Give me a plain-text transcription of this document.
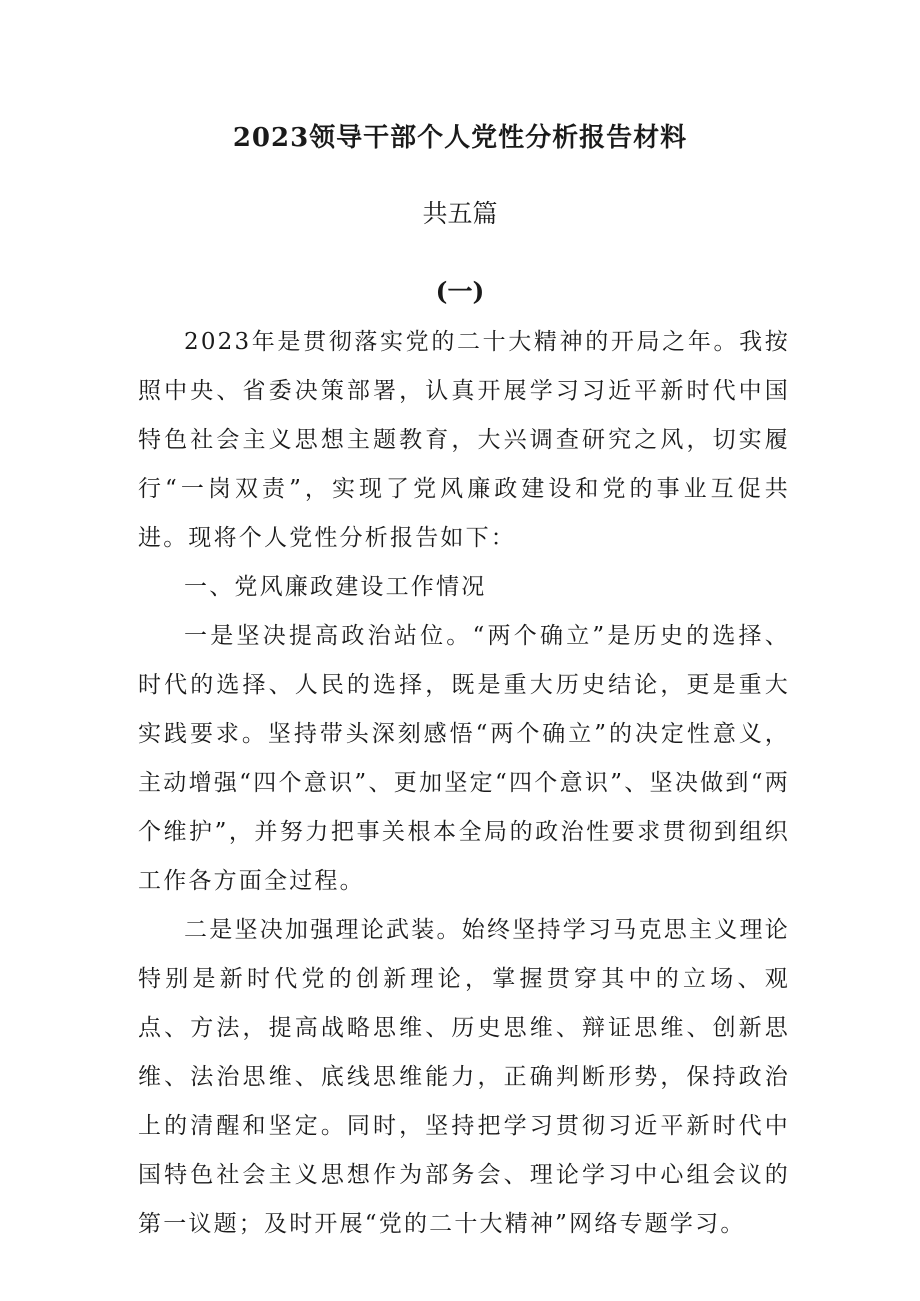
2023领导干部个人党性分析报告材料
共五篇
(一)

2023年是贯彻落实党的二十大精神的开局之年。我按照中央、省委决策部署，认真开展学习习近平新时代中国特色社会主义思想主题教育，大兴调查研究之风，切实履行“一岗双责”，实现了党风廉政建设和党的事业互促共进。现将个人党性分析报告如下：

一、党风廉政建设工作情况

一是坚决提高政治站位。“两个确立”是历史的选择、时代的选择、人民的选择，既是重大历史结论，更是重大实践要求。坚持带头深刻感悟“两个确立”的决定性意义，主动增强“四个意识”、更加坚定“四个意识”、坚决做到“两个维护”，并努力把事关根本全局的政治性要求贯彻到组织工作各方面全过程。

二是坚决加强理论武装。始终坚持学习马克思主义理论特别是新时代党的创新理论，掌握贯穿其中的立场、观点、方法，提高战略思维、历史思维、辩证思维、创新思维、法治思维、底线思维能力，正确判断形势，保持政治上的清醒和坚定。同时，坚持把学习贯彻习近平新时代中国特色社会主义思想作为部务会、理论学习中心组会议的第一议题；及时开展“党的二十大精神”网络专题学习。
